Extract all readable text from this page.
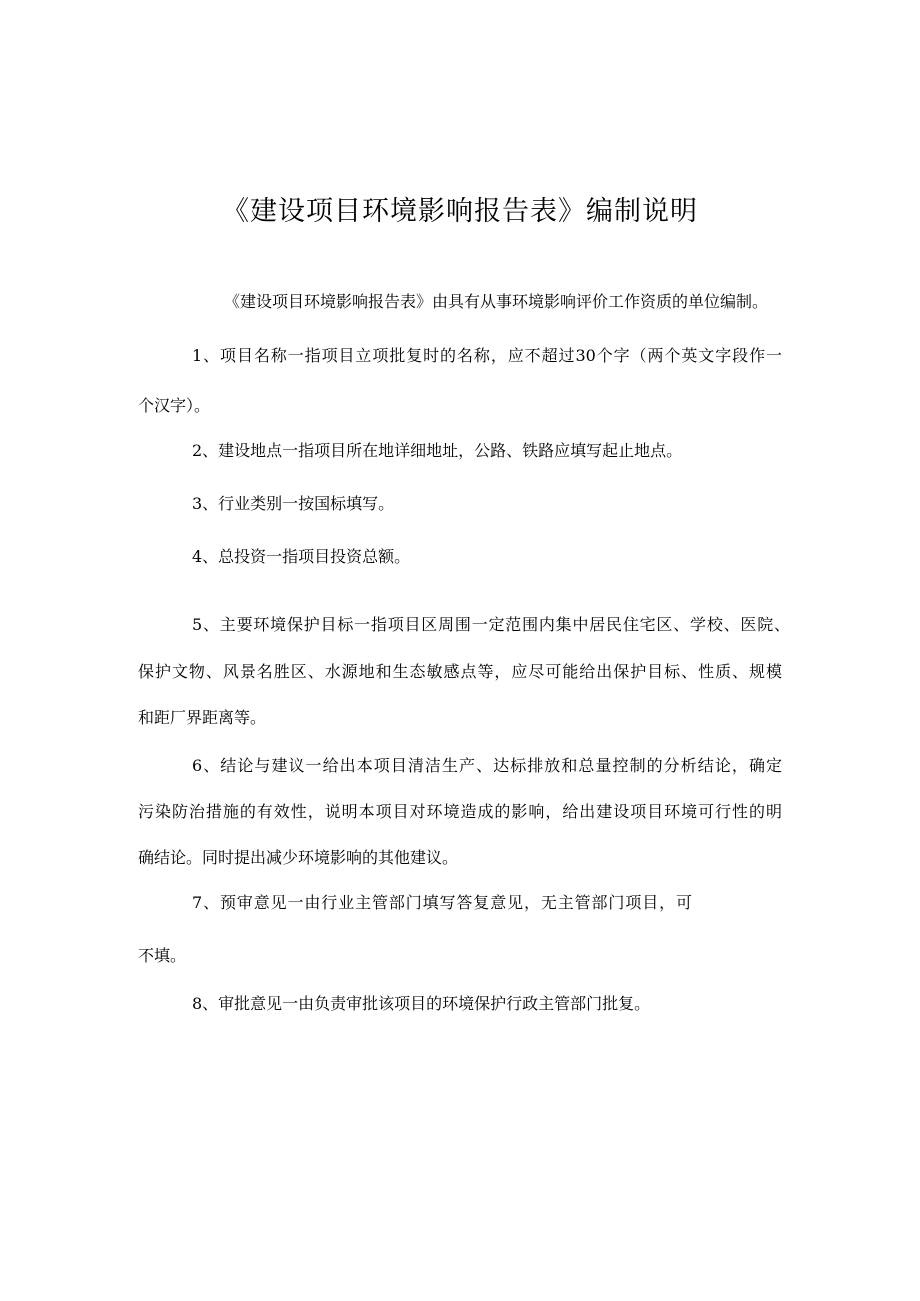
《建设项目环境影响报告表》编制说明
《建设项目环境影响报告表》由具有从事环境影响评价工作资质的单位编制。
1、项目名称一指项目立项批复时的名称，应不超过30个字（两个英文字段作一
个汉字）。
2、建设地点一指项目所在地详细地址，公路、铁路应填写起止地点。
3、行业类别一按国标填写。
4、总投资一指项目投资总额。
5、主要环境保护目标一指项目区周围一定范围内集中居民住宅区、学校、医院、
保护文物、风景名胜区、水源地和生态敏感点等，应尽可能给出保护目标、性质、规模
和距厂界距离等。
6、结论与建议一给出本项目清洁生产、达标排放和总量控制的分析结论，确定
污染防治措施的有效性，说明本项目对环境造成的影响，给出建设项目环境可行性的明
确结论。同时提出减少环境影响的其他建议。
7、预审意见一由行业主管部门填写答复意见，无主管部门项目，可
不填。
8、审批意见一由负责审批该项目的环境保护行政主管部门批复。
